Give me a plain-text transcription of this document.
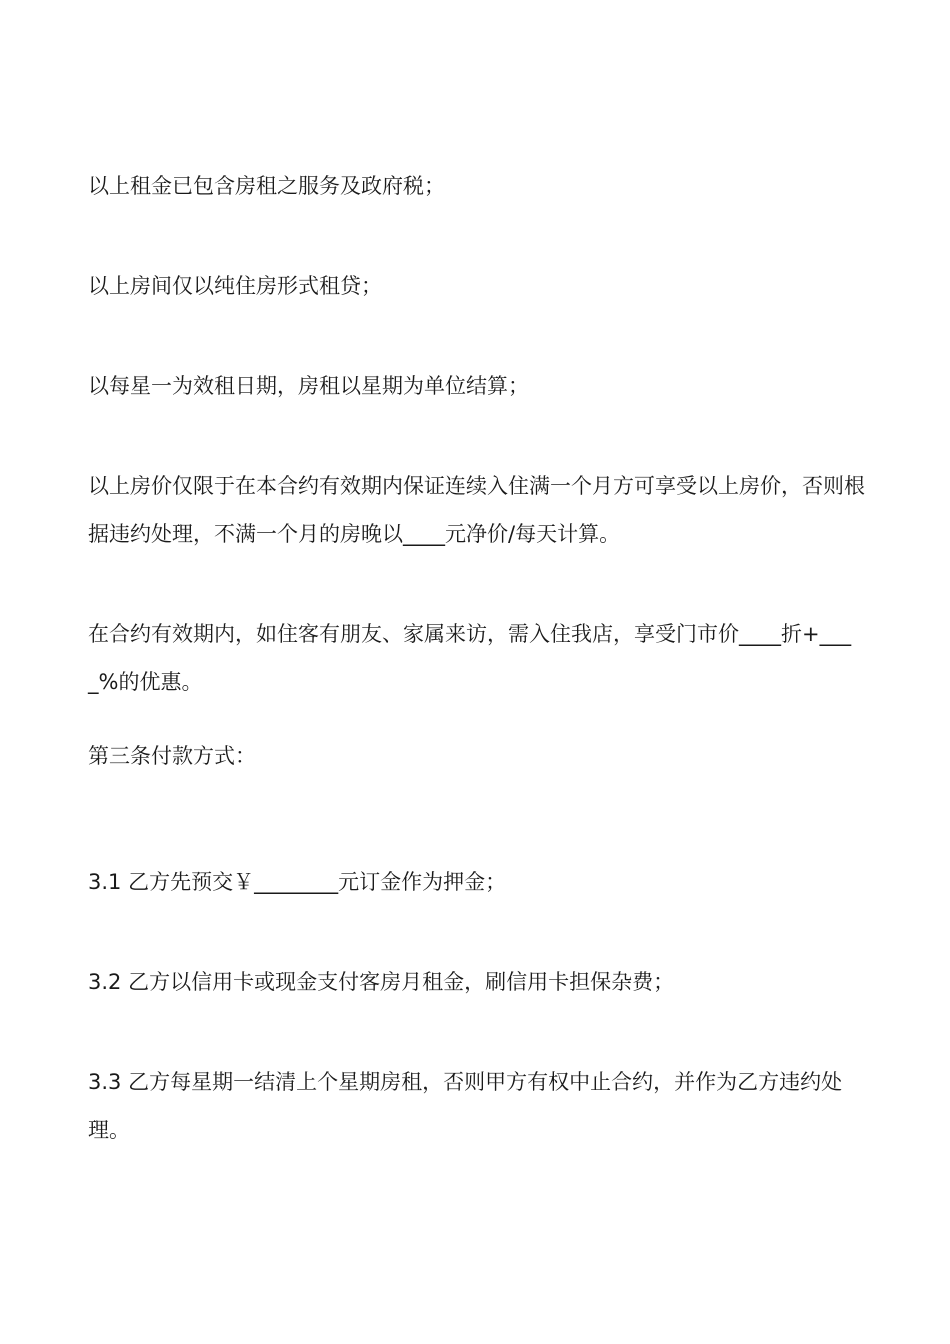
以上租金已包含房租之服务及政府税；

以上房间仅以纯住房形式租贷；

以每星一为效租日期，房租以星期为单位结算；

以上房价仅限于在本合约有效期内保证连续入住满一个月方可享受以上房价，否则根据违约处理，不满一个月的房晚以____元净价/每天计算。

在合约有效期内，如住客有朋友、家属来访，需入住我店，享受门市价____折+____%的优惠。

第三条付款方式：

3.1 乙方先预交￥________元订金作为押金；

3.2 乙方以信用卡或现金支付客房月租金，刷信用卡担保杂费；

3.3 乙方每星期一结清上个星期房租，否则甲方有权中止合约，并作为乙方违约处理。
